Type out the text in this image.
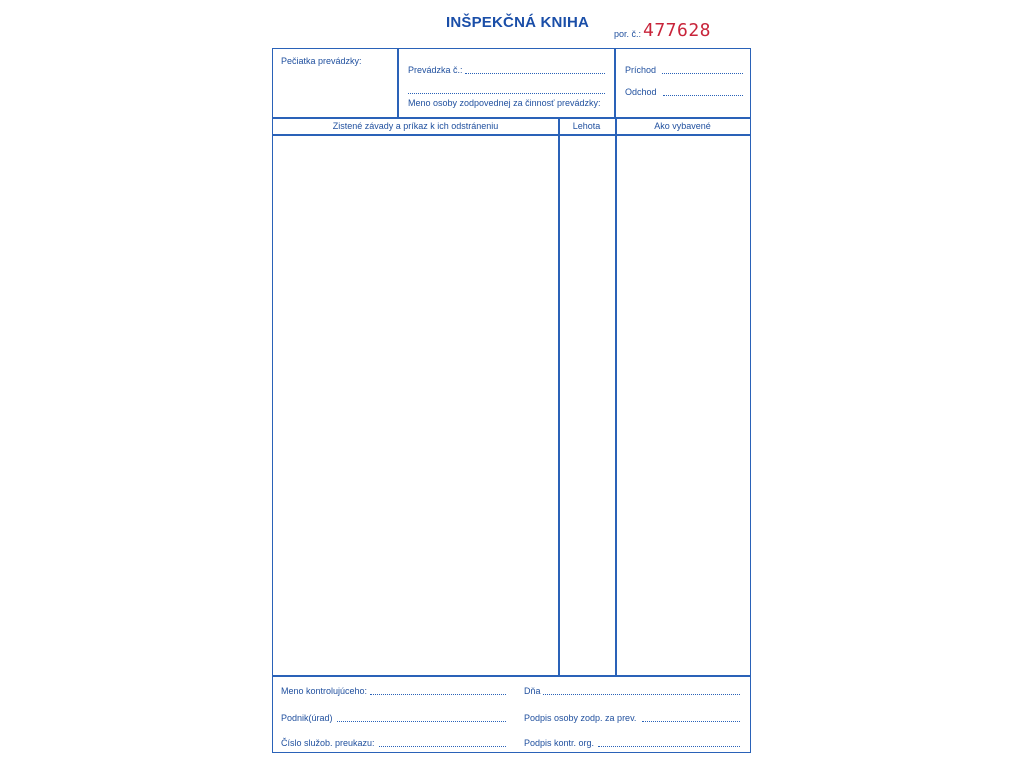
INŠPEKČNÁ KNIHA
por. č.: 477628
Pečiatka prevádzky:
Prevádzka č.:
Meno osoby zodpovednej za činnosť prevádzky:
Príchod
Odchod
Zistené závady a príkaz k ich odstráneniu	Lehota	Ako vybavené
Meno kontrolujúceho:	Dňa
Podnik(úrad)	Podpis osoby zodp. za prev.
Číslo služob. preukazu:	Podpis kontr. org.
